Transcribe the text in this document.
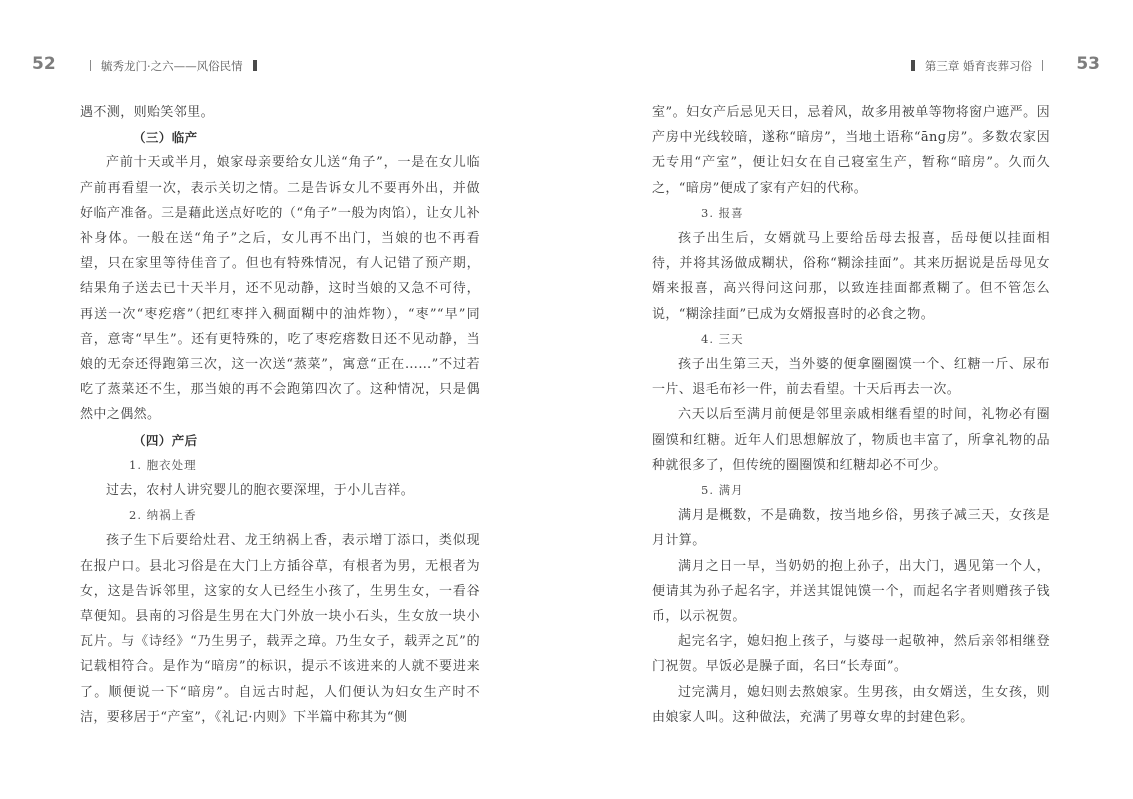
52	毓秀龙门·之六——风俗民情

遇不测，则贻笑邻里。

（三）临产

产前十天或半月，娘家母亲要给女儿送“角子”，一是在女儿临产前再看望一次，表示关切之情。二是告诉女儿不要再外出，并做好临产准备。三是藉此送点好吃的（“角子”一般为肉馅），让女儿补补身体。一般在送“角子”之后，女儿再不出门，当娘的也不再看望，只在家里等待佳音了。但也有特殊情况，有人记错了预产期，结果角子送去已十天半月，还不见动静，这时当娘的又急不可待，再送一次“枣疙瘩”（把红枣拌入稠面糊中的油炸物），“枣”“早”同音，意寄“早生”。还有更特殊的，吃了枣疙瘩数日还不见动静，当娘的无奈还得跑第三次，这一次送“蒸菜”，寓意“正在……”不过若吃了蒸菜还不生，那当娘的再不会跑第四次了。这种情况，只是偶然中之偶然。

（四）产后

1. 胞衣处理

过去，农村人讲究婴儿的胞衣要深埋，于小儿吉祥。

2. 纳祸上香

孩子生下后要给灶君、龙王纳祸上香，表示增丁添口，类似现在报户口。县北习俗是在大门上方插谷草，有根者为男，无根者为女，这是告诉邻里，这家的女人已经生小孩了，生男生女，一看谷草便知。县南的习俗是生男在大门外放一块小石头，生女放一块小瓦片。与《诗经》“乃生男子，载弄之璋。乃生女子，载弄之瓦”的记载相符合。是作为“暗房”的标识，提示不该进来的人就不要进来了。顺便说一下“暗房”。自远古时起，人们便认为妇女生产时不洁，要移居于“产室”，《礼记·内则》下半篇中称其为“侧

第三章 婚育丧葬习俗	53

室”。妇女产后忌见天日，忌着风，故多用被单等物将窗户遮严。因产房中光线较暗，遂称“暗房”，当地土语称“ānɡ房”。多数农家因无专用“产室”，便让妇女在自己寝室生产，暂称“暗房”。久而久之，“暗房”便成了家有产妇的代称。

3. 报喜

孩子出生后，女婿就马上要给岳母去报喜，岳母便以挂面相待，并将其汤做成糊状，俗称“糊涂挂面”。其来历据说是岳母见女婿来报喜，高兴得问这问那，以致连挂面都煮糊了。但不管怎么说，“糊涂挂面”已成为女婿报喜时的必食之物。

4. 三天

孩子出生第三天，当外婆的便拿圈圈馍一个、红糖一斤、尿布一片、退毛布衫一件，前去看望。十天后再去一次。

六天以后至满月前便是邻里亲戚相继看望的时间，礼物必有圈圈馍和红糖。近年人们思想解放了，物质也丰富了，所拿礼物的品种就很多了，但传统的圈圈馍和红糖却必不可少。

5. 满月

满月是概数，不是确数，按当地乡俗，男孩子减三天，女孩是月计算。

满月之日一早，当奶奶的抱上孙子，出大门，遇见第一个人，便请其为孙子起名字，并送其馄饨馍一个，而起名字者则赠孩子钱币，以示祝贺。

起完名字，媳妇抱上孩子，与婆母一起敬神，然后亲邻相继登门祝贺。早饭必是臊子面，名曰“长寿面”。

过完满月，媳妇则去熬娘家。生男孩，由女婿送，生女孩，则由娘家人叫。这种做法，充满了男尊女卑的封建色彩。
